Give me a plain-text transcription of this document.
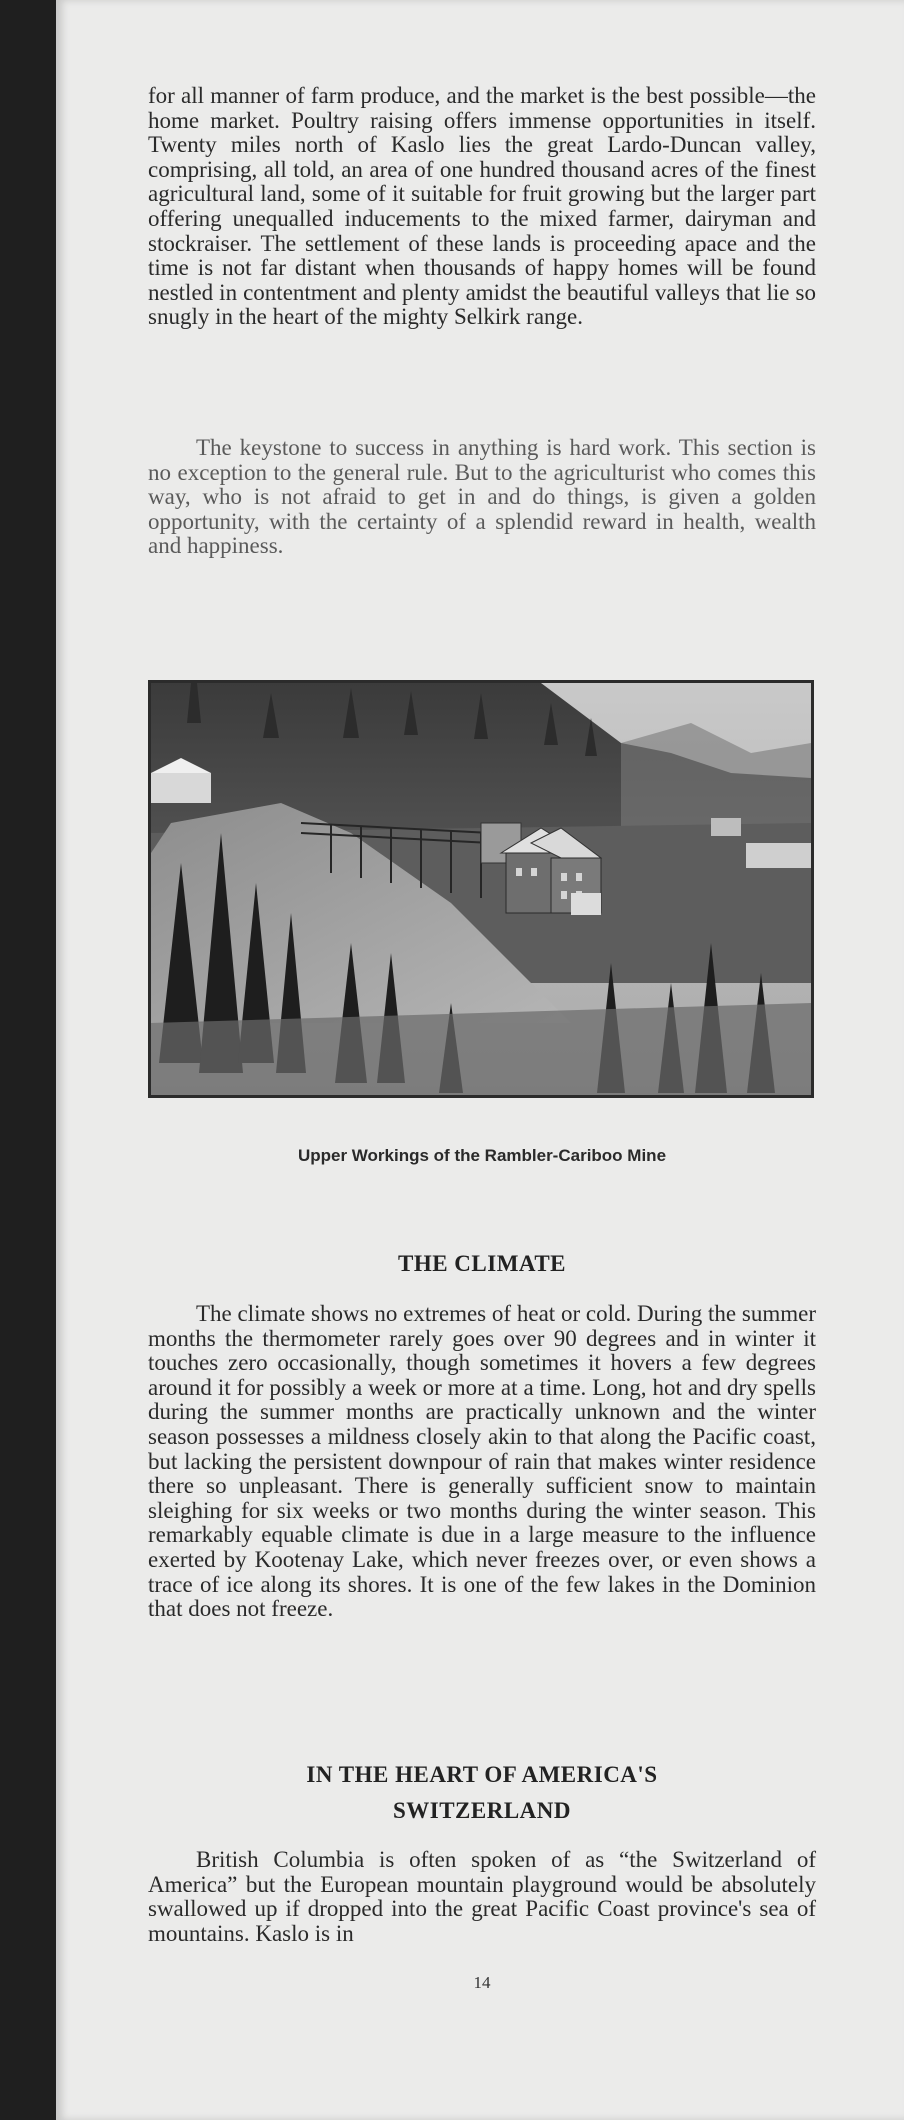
for all manner of farm produce, and the market is the best possible—the home market. Poultry raising offers immense opportunities in itself. Twenty miles north of Kaslo lies the great Lardo-Duncan valley, comprising, all told, an area of one hundred thousand acres of the finest agricultural land, some of it suitable for fruit growing but the larger part offering unequalled inducements to the mixed farmer, dairyman and stockraiser. The settlement of these lands is proceeding apace and the time is not far distant when thousands of happy homes will be found nestled in contentment and plenty amidst the beautiful valleys that lie so snugly in the heart of the mighty Selkirk range.

The keystone to success in anything is hard work. This section is no exception to the general rule. But to the agriculturist who comes this way, who is not afraid to get in and do things, is given a golden opportunity, with the certainty of a splendid reward in health, wealth and happiness.

Upper Workings of the Rambler-Cariboo Mine
THE CLIMATE

The climate shows no extremes of heat or cold. During the summer months the thermometer rarely goes over 90 degrees and in winter it touches zero occasionally, though sometimes it hovers a few degrees around it for possibly a week or more at a time. Long, hot and dry spells during the summer months are practically unknown and the winter season possesses a mildness closely akin to that along the Pacific coast, but lacking the persistent downpour of rain that makes winter residence there so unpleasant. There is generally sufficient snow to maintain sleighing for six weeks or two months during the winter season. This remarkably equable climate is due in a large measure to the influence exerted by Kootenay Lake, which never freezes over, or even shows a trace of ice along its shores. It is one of the few lakes in the Dominion that does not freeze.

IN THE HEART OF AMERICA'S
SWITZERLAND

British Columbia is often spoken of as “the Switzerland of America” but the European mountain playground would be absolutely swallowed up if dropped into the great Pacific Coast province's sea of mountains. Kaslo is in

14
